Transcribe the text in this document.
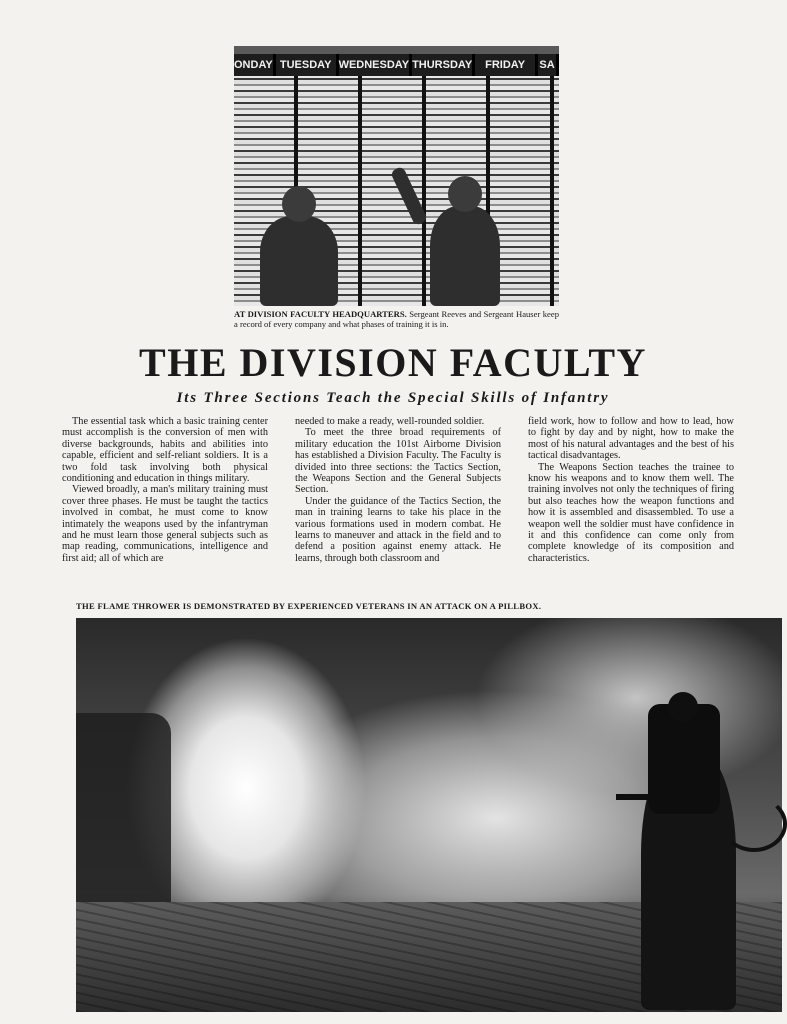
ONDAY TUESDAY WEDNESDAY THURSDAY	FRIDAY	SA
AT DIVISION FACULTY HEADQUARTERS. Sergeant Reeves and Sergeant Hauser keep a record of every company and what phases of training it is in.
THE DIVISION FACULTY
Its Three Sections Teach the Special Skills of Infantry

The essential task which a basic training center must accomplish is the conversion of men with diverse backgrounds, habits and abilities into capable, efficient and self-reliant soldiers. It is a two fold task involving both physical conditioning and education in things military.

Viewed broadly, a man's military training must cover three phases. He must be taught the tactics involved in combat, he must come to know intimately the weapons used by the infantryman and he must learn those general subjects such as map reading, communications, intelligence and first aid; all of which are

needed to make a ready, well-rounded soldier.

To meet the three broad requirements of military education the 101st Airborne Division has established a Division Faculty. The Faculty is divided into three sections: the Tactics Section, the Weapons Section and the General Subjects Section.

Under the guidance of the Tactics Section, the man in training learns to take his place in the various formations used in modern combat. He learns to maneuver and attack in the field and to defend a position against enemy attack. He learns, through both classroom and

field work, how to follow and how to lead, how to fight by day and by night, how to make the most of his natural advantages and the best of his tactical disadvantages.

The Weapons Section teaches the trainee to know his weapons and to know them well. The training involves not only the techniques of firing but also teaches how the weapon functions and how it is assembled and disassembled. To use a weapon well the soldier must have confidence in it and this confidence can come only from complete knowledge of its composition and characteristics.

THE FLAME THROWER IS DEMONSTRATED BY EXPERIENCED VETERANS IN AN ATTACK ON A PILLBOX.
